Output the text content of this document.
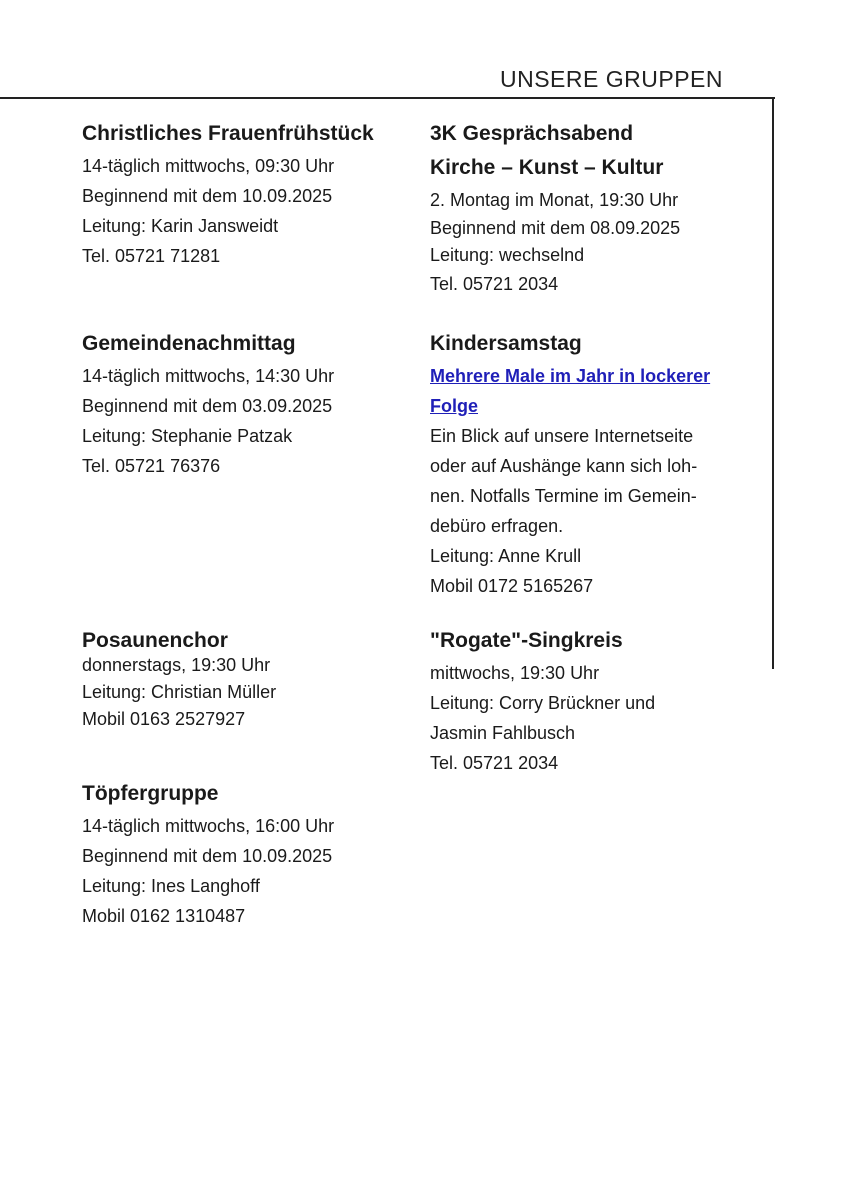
UNSERE GRUPPEN
Christliches Frauenfrühstück
14-täglich mittwochs, 09:30 Uhr
Beginnend mit dem 10.09.2025
Leitung: Karin Jansweidt
Tel. 05721 71281
3K Gesprächsabend
Kirche – Kunst – Kultur
2. Montag im Monat, 19:30 Uhr
Beginnend mit dem 08.09.2025
Leitung: wechselnd
Tel. 05721 2034
Gemeindenachmittag
14-täglich mittwochs, 14:30 Uhr
Beginnend mit dem 03.09.2025
Leitung: Stephanie Patzak
Tel. 05721 76376
Kindersamstag
Mehrere Male im Jahr in lockerer
Folge
Ein Blick auf unsere Internetseite
oder auf Aushänge kann sich loh-
nen. Notfalls Termine im Gemein-
debüro erfragen.
Leitung: Anne Krull
Mobil 0172 5165267
Posaunenchor
donnerstags, 19:30 Uhr
Leitung: Christian Müller
Mobil 0163 2527927
"Rogate"-Singkreis
mittwochs, 19:30 Uhr
Leitung: Corry Brückner und
Jasmin Fahlbusch
Tel. 05721 2034
Töpfergruppe
14-täglich mittwochs, 16:00 Uhr
Beginnend mit dem 10.09.2025
Leitung: Ines Langhoff
Mobil 0162 1310487
